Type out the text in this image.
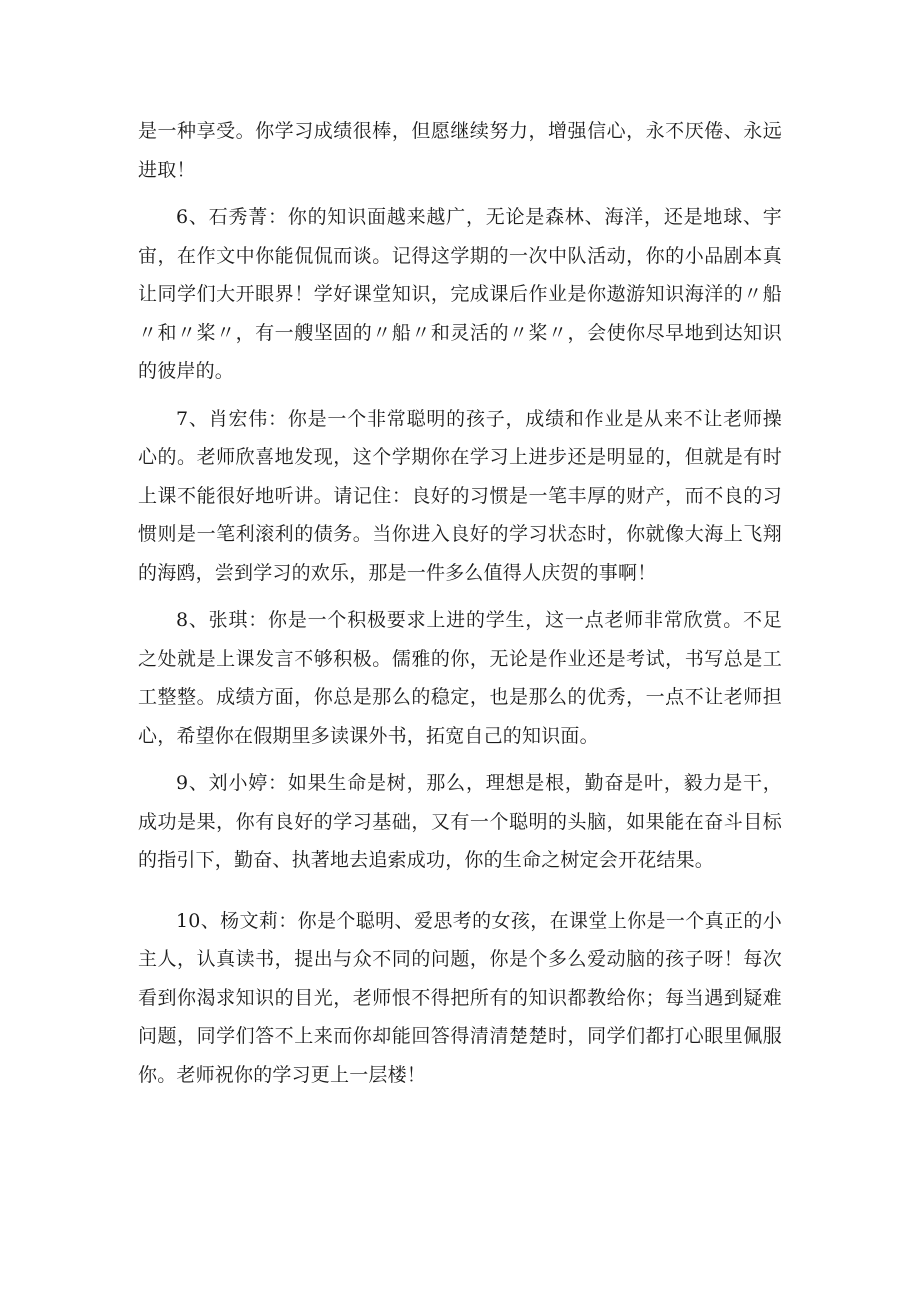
是一种享受。你学习成绩很棒，但愿继续努力，增强信心，永不厌倦、永远进取！

6、石秀菁：你的知识面越来越广，无论是森林、海洋，还是地球、宇宙，在作文中你能侃侃而谈。记得这学期的一次中队活动，你的小品剧本真让同学们大开眼界！学好课堂知识，完成课后作业是你遨游知识海洋的〃船〃和〃桨〃，有一艘坚固的〃船〃和灵活的〃桨〃，会使你尽早地到达知识的彼岸的。

7、肖宏伟：你是一个非常聪明的孩子，成绩和作业是从来不让老师操心的。老师欣喜地发现，这个学期你在学习上进步还是明显的，但就是有时上课不能很好地听讲。请记住：良好的习惯是一笔丰厚的财产，而不良的习惯则是一笔利滚利的债务。当你进入良好的学习状态时，你就像大海上飞翔的海鸥，尝到学习的欢乐，那是一件多么值得人庆贺的事啊！

8、张琪：你是一个积极要求上进的学生，这一点老师非常欣赏。不足之处就是上课发言不够积极。儒雅的你，无论是作业还是考试，书写总是工工整整。成绩方面，你总是那么的稳定，也是那么的优秀，一点不让老师担心，希望你在假期里多读课外书，拓宽自己的知识面。

9、刘小婷：如果生命是树，那么，理想是根，勤奋是叶，毅力是干，成功是果，你有良好的学习基础，又有一个聪明的头脑，如果能在奋斗目标的指引下，勤奋、执著地去追索成功，你的生命之树定会开花结果。

10、杨文莉：你是个聪明、爱思考的女孩，在课堂上你是一个真正的小主人，认真读书，提出与众不同的问题，你是个多么爱动脑的孩子呀！每次看到你渴求知识的目光，老师恨不得把所有的知识都教给你；每当遇到疑难问题，同学们答不上来而你却能回答得清清楚楚时，同学们都打心眼里佩服你。老师祝你的学习更上一层楼！
